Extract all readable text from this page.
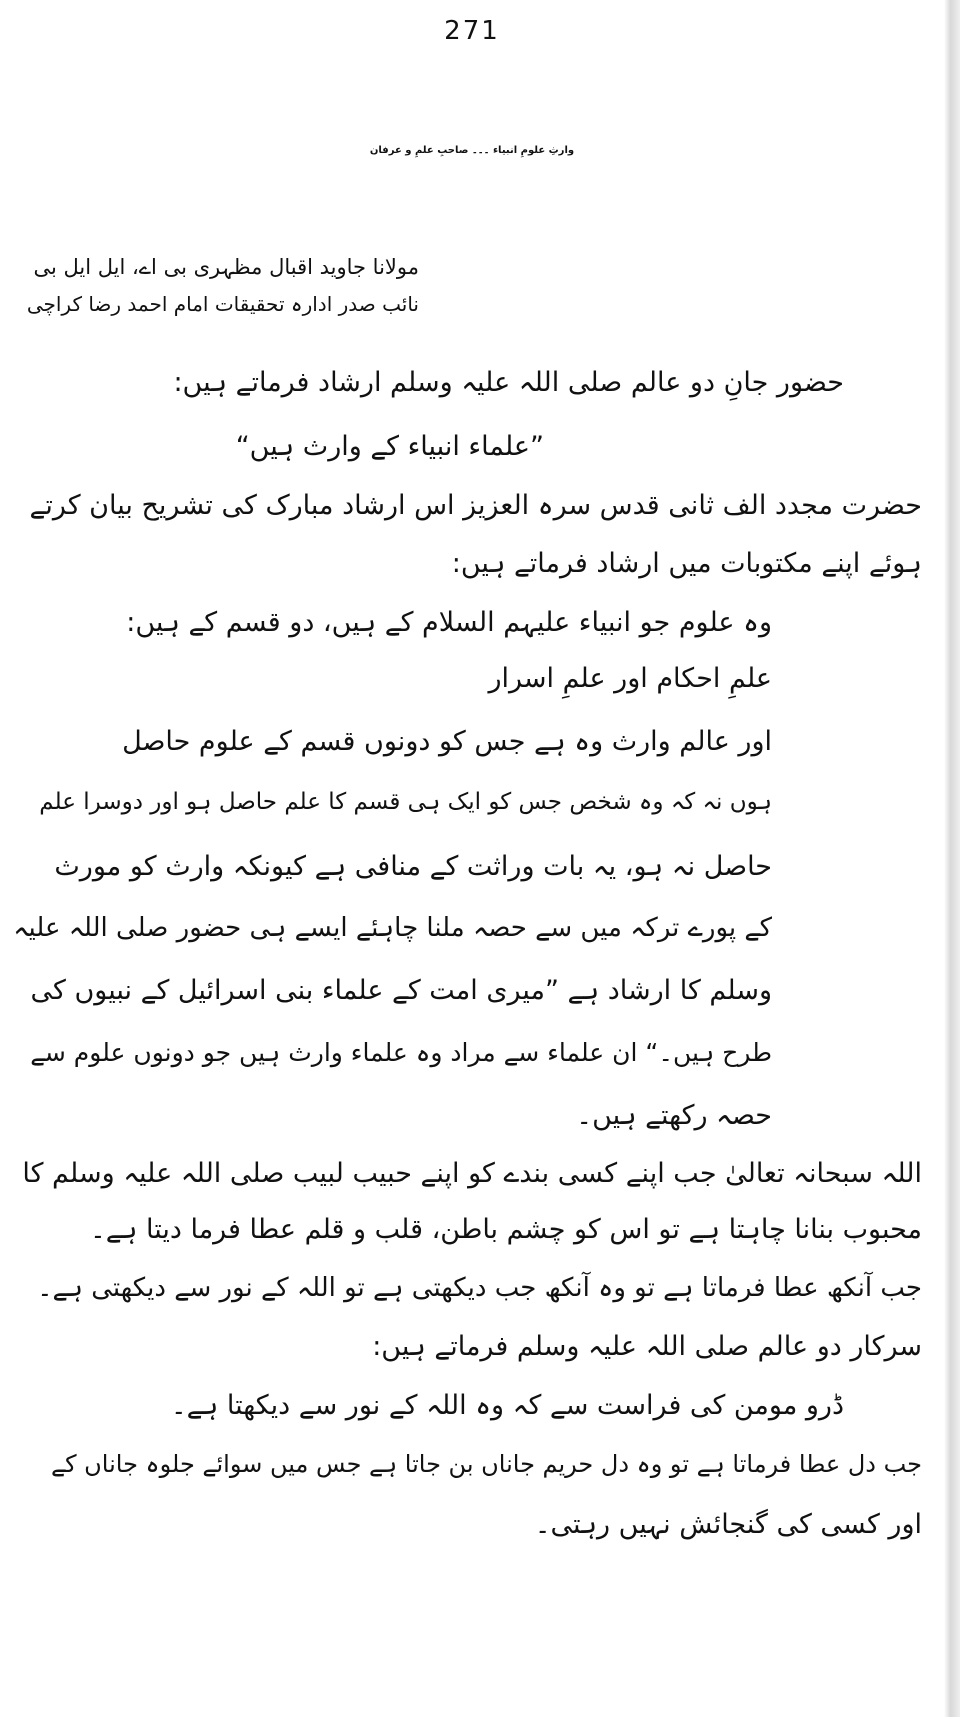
271
وارثِ علومِ انبیاء ۔۔۔ صاحبِ علمِ و عرفان
مولانا جاوید اقبال مظہری بی اے، ایل ایل بی
نائب صدر ادارہ تحقیقات امام احمد رضا کراچی
حضور جانِ دو عالم صلی اللہ علیہ وسلم ارشاد فرماتے ہیں:
”علماء انبیاء کے وارث ہیں“
حضرت مجدد الف ثانی قدس سرہ العزیز اس ارشاد مبارک کی تشریح بیان کرتے
ہوئے اپنے مکتوبات میں ارشاد فرماتے ہیں:
وہ علوم جو انبیاء علیہم السلام کے ہیں، دو قسم کے ہیں:
علمِ احکام اور علمِ اسرار
اور عالم وارث وہ ہے جس کو دونوں قسم کے علوم حاصل
ہوں نہ کہ وہ شخص جس کو ایک ہی قسم کا علم حاصل ہو اور دوسرا علم
حاصل نہ ہو، یہ بات وراثت کے منافی ہے کیونکہ وارث کو مورث
کے پورے ترکہ میں سے حصہ ملنا چاہئے ایسے ہی حضور صلی اللہ علیہ
وسلم کا ارشاد ہے ”میری امت کے علماء بنی اسرائیل کے نبیوں کی
طرح ہیں۔“ ان علماء سے مراد وہ علماء وارث ہیں جو دونوں علوم سے
حصہ رکھتے ہیں۔
اللہ سبحانہ تعالیٰ جب اپنے کسی بندے کو اپنے حبیب لبیب صلی اللہ علیہ وسلم کا
محبوب بنانا چاہتا ہے تو اس کو چشم باطن، قلب و قلم عطا فرما دیتا ہے۔
جب آنکھ عطا فرماتا ہے تو وہ آنکھ جب دیکھتی ہے تو اللہ کے نور سے دیکھتی ہے۔
سرکار دو عالم صلی اللہ علیہ وسلم فرماتے ہیں:
ڈرو مومن کی فراست سے کہ وہ اللہ کے نور سے دیکھتا ہے۔
جب دل عطا فرماتا ہے تو وہ دل حریم جاناں بن جاتا ہے جس میں سوائے جلوہ جاناں کے
اور کسی کی گنجائش نہیں رہتی۔
